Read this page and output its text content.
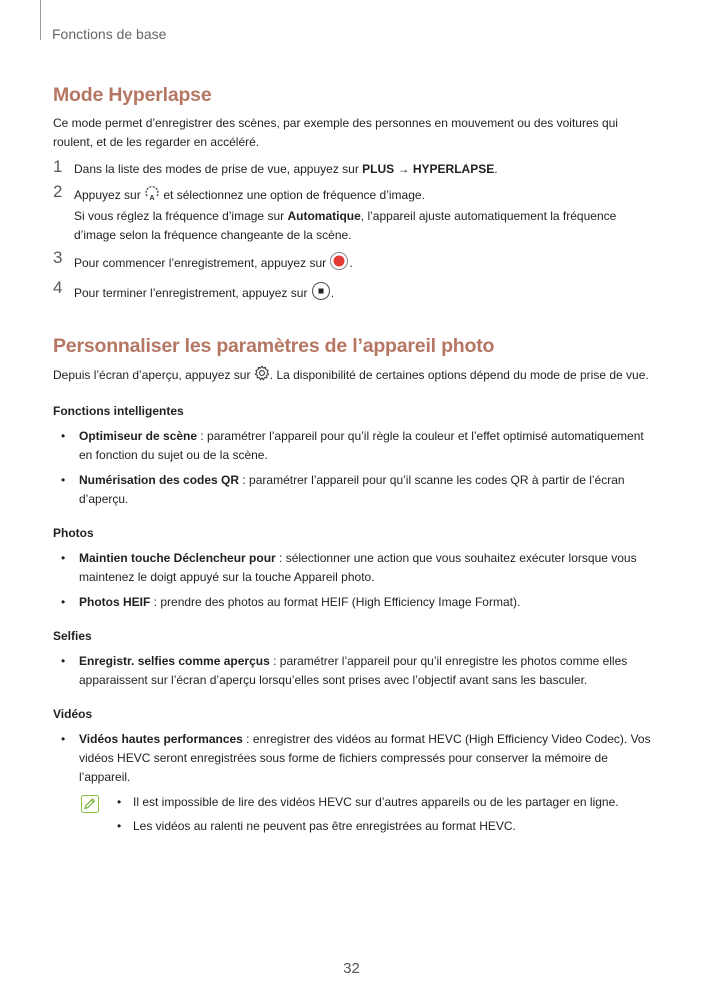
Fonctions de base
Mode Hyperlapse

Ce mode permet d’enregistrer des scènes, par exemple des personnes en mouvement ou des voitures qui roulent, et de les regarder en accéléré.

1 Dans la liste des modes de prise de vue, appuyez sur PLUS → HYPERLAPSE.
2 Appuyez sur A et sélectionnez une option de fréquence d’image.
Si vous réglez la fréquence d’image sur Automatique, l’appareil ajuste automatiquement la fréquence d’image selon la fréquence changeante de la scène.
3 Pour commencer l’enregistrement, appuyez sur .
4 Pour terminer l’enregistrement, appuyez sur .
Personnaliser les paramètres de l’appareil photo

Depuis l’écran d’aperçu, appuyez sur . La disponibilité de certaines options dépend du mode de prise de vue.

Fonctions intelligentes
• Optimiseur de scène : paramétrer l’appareil pour qu’il règle la couleur et l’effet optimisé automatiquement en fonction du sujet ou de la scène.
• Numérisation des codes QR : paramétrer l’appareil pour qu’il scanne les codes QR à partir de l’écran d’aperçu.
Photos
• Maintien touche Déclencheur pour : sélectionner une action que vous souhaitez exécuter lorsque vous maintenez le doigt appuyé sur la touche Appareil photo.
• Photos HEIF : prendre des photos au format HEIF (High Efficiency Image Format).
Selfies
• Enregistr. selfies comme aperçus : paramétrer l’appareil pour qu’il enregistre les photos comme elles apparaissent sur l’écran d’aperçu lorsqu’elles sont prises avec l’objectif avant sans les basculer.
Vidéos
• Vidéos hautes performances : enregistrer des vidéos au format HEVC (High Efficiency Video Codec). Vos vidéos HEVC seront enregistrées sous forme de fichiers compressés pour conserver la mémoire de l’appareil.
• Il est impossible de lire des vidéos HEVC sur d’autres appareils ou de les partager en ligne.
• Les vidéos au ralenti ne peuvent pas être enregistrées au format HEVC.
32
